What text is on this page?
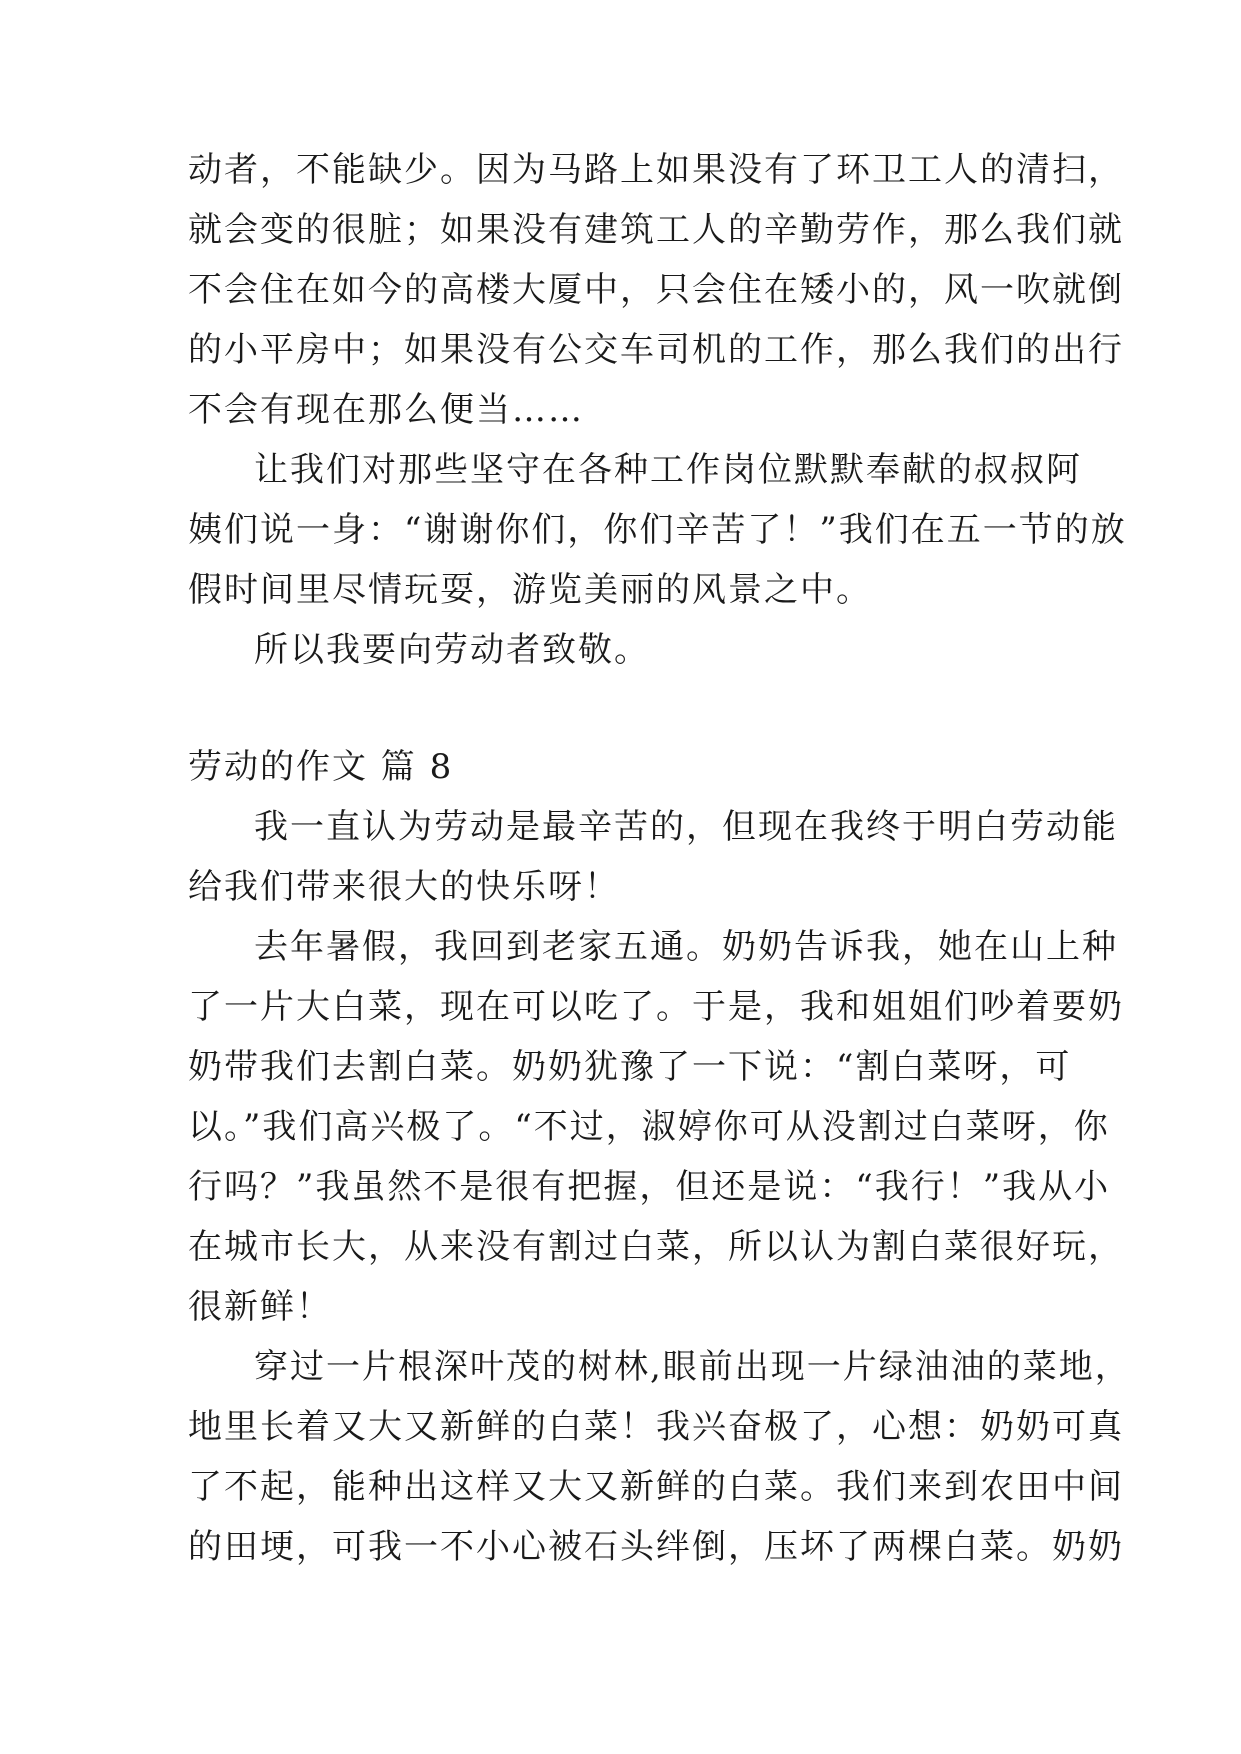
动者，不能缺少。因为马路上如果没有了环卫工人的清扫，
就会变的很脏；如果没有建筑工人的辛勤劳作，那么我们就
不会住在如今的高楼大厦中，只会住在矮小的，风一吹就倒
的小平房中；如果没有公交车司机的工作，那么我们的出行
不会有现在那么便当……
让我们对那些坚守在各种工作岗位默默奉献的叔叔阿
姨们说一身：“谢谢你们，你们辛苦了！”我们在五一节的放
假时间里尽情玩耍，游览美丽的风景之中。
所以我要向劳动者致敬。
劳动的作文 篇 8
我一直认为劳动是最辛苦的，但现在我终于明白劳动能
给我们带来很大的快乐呀！
去年暑假，我回到老家五通。奶奶告诉我，她在山上种
了一片大白菜，现在可以吃了。于是，我和姐姐们吵着要奶
奶带我们去割白菜。奶奶犹豫了一下说：“割白菜呀，可
以。”我们高兴极了。“不过，淑婷你可从没割过白菜呀，你
行吗？”我虽然不是很有把握，但还是说：“我行！”我从小
在城市长大，从来没有割过白菜，所以认为割白菜很好玩，
很新鲜！
穿过一片根深叶茂的树林,眼前出现一片绿油油的菜地，
地里长着又大又新鲜的白菜！我兴奋极了，心想：奶奶可真
了不起，能种出这样又大又新鲜的白菜。我们来到农田中间
的田埂，可我一不小心被石头绊倒，压坏了两棵白菜。奶奶
